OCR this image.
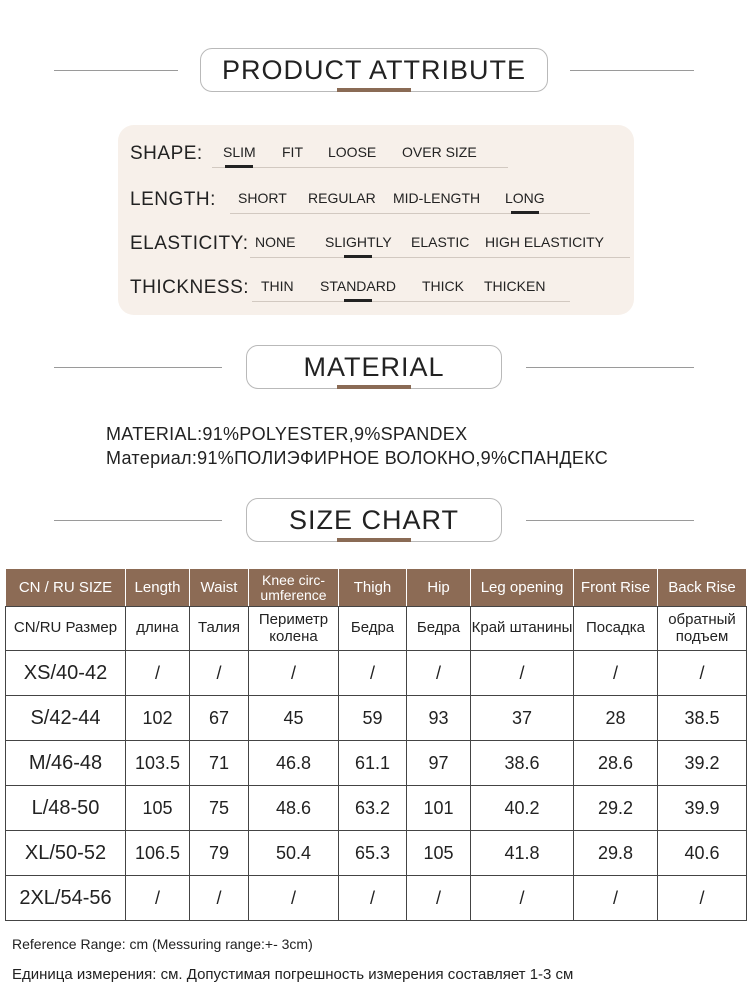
PRODUCT ATTRIBUTE
SHAPE: SLIM FIT LOOSE OVER SIZE
LENGTH: SHORT REGULAR MID-LENGTH LONG
ELASTICITY: NONE SLIGHTLY ELASTIC HIGH ELASTICITY
THICKNESS: THIN STANDARD THICK THICKEN
MATERIAL
MATERIAL:91%POLYESTER,9%SPANDEX
Материал:91%ПОЛИЭФИРНОЕ ВОЛОКНО,9%СПАНДЕКС
SIZE CHART
CN / RU SIZE	Length	Waist	Knee circ-umference	Thigh	Hip	Leg opening	Front Rise	Back Rise
CN/RU Размер	длина	Талия	Периметр колена	Бедра	Бедра	Край штанины	Посадка	обратный подъем
XS/40-42	/	/	/	/	/	/	/	/
S/42-44	102	67	45	59	93	37	28	38.5
M/46-48	103.5	71	46.8	61.1	97	38.6	28.6	39.2
L/48-50	105	75	48.6	63.2	101	40.2	29.2	39.9
XL/50-52	106.5	79	50.4	65.3	105	41.8	29.8	40.6
2XL/54-56	/	/	/	/	/	/	/	/
Reference Range: cm (Messuring range:+- 3cm)
Единица измерения: см. Допустимая погрешность измерения составляет 1-3 см
